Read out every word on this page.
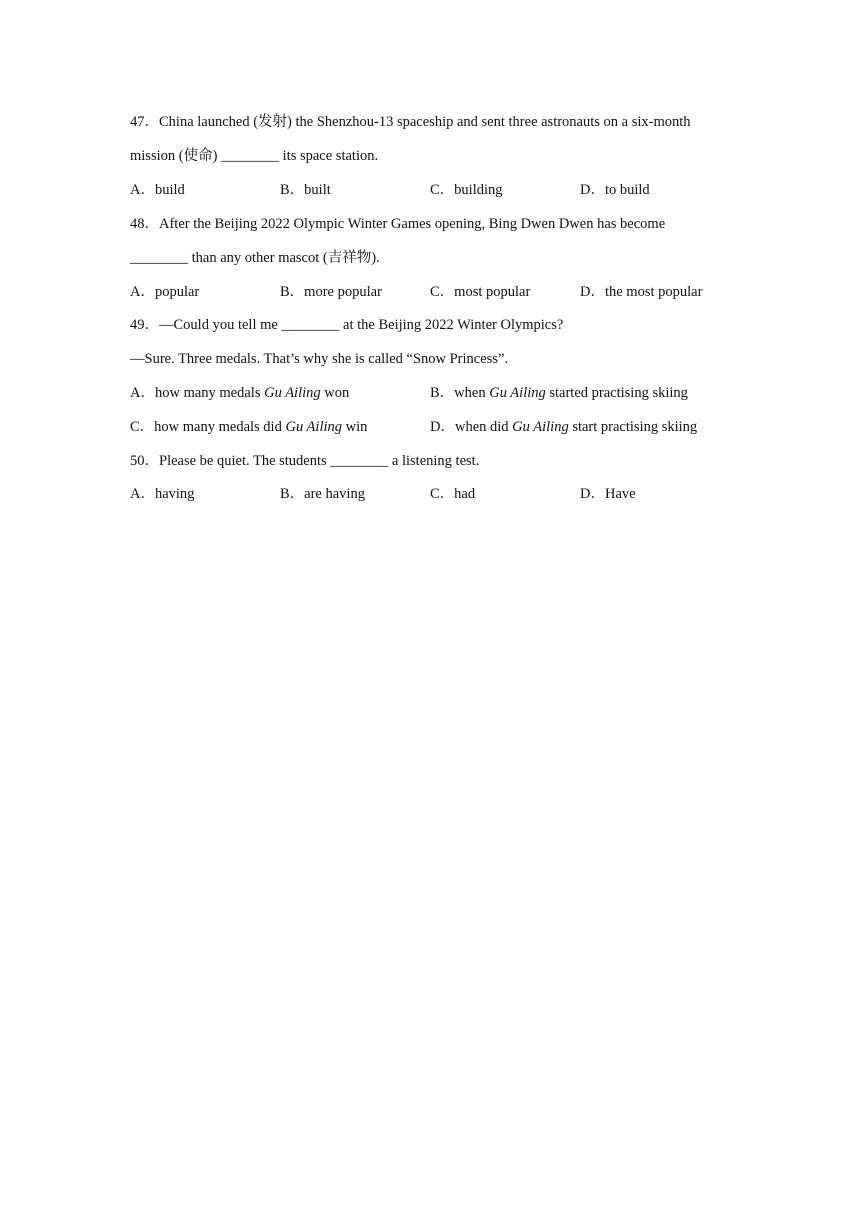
47．China launched (发射) the Shenzhou-13 spaceship and sent three astronauts on a six-month
mission (使命) ________ its space station.
A．build	B．built	C．building	D．to build
48．After the Beijing 2022 Olympic Winter Games opening, Bing Dwen Dwen has become
________ than any other mascot (吉祥物).
A．popular	B．more popular	C．most popular	D．the most popular
49．—Could you tell me ________ at the Beijing 2022 Winter Olympics?
—Sure. Three medals. That’s why she is called “Snow Princess”.
A．how many medals Gu Ailing won	B．when Gu Ailing started practising skiing
C．how many medals did Gu Ailing win	D．when did Gu Ailing start practising skiing
50．Please be quiet. The students ________ a listening test.
A．having	B．are having	C．had	D．Have
